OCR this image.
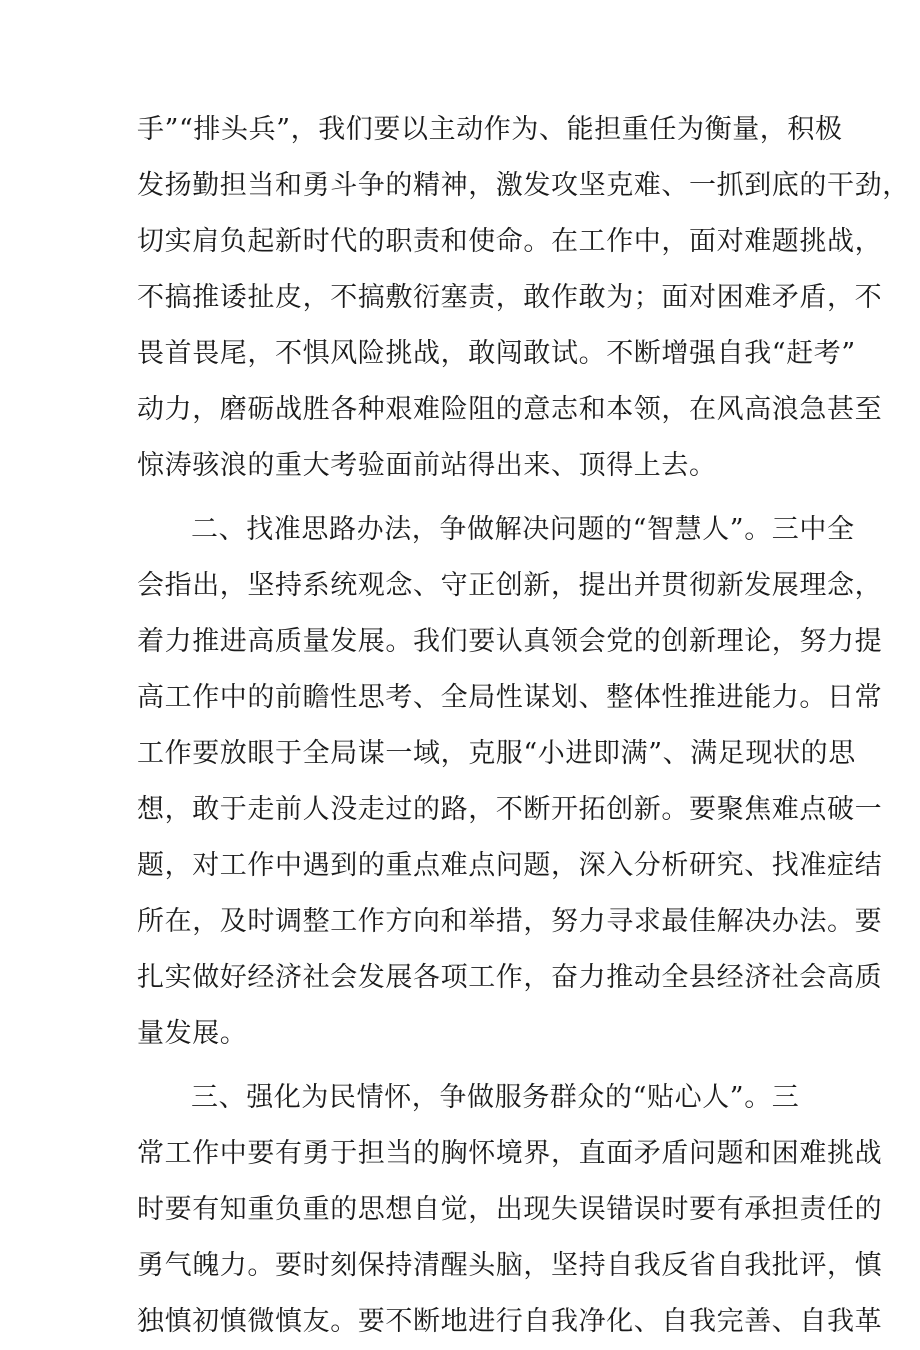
手”“排头兵”，我们要以主动作为、能担重任为衡量，积极
发扬勤担当和勇斗争的精神，激发攻坚克难、一抓到底的干劲，
切实肩负起新时代的职责和使命。在工作中，面对难题挑战，
不搞推诿扯皮，不搞敷衍塞责，敢作敢为；面对困难矛盾，不
畏首畏尾，不惧风险挑战，敢闯敢试。不断增强自我“赶考”
动力，磨砺战胜各种艰难险阻的意志和本领，在风高浪急甚至
惊涛骇浪的重大考验面前站得出来、顶得上去。
二、找准思路办法，争做解决问题的“智慧人”。三中全
会指出，坚持系统观念、守正创新，提出并贯彻新发展理念，
着力推进高质量发展。我们要认真领会党的创新理论，努力提
高工作中的前瞻性思考、全局性谋划、整体性推进能力。日常
工作要放眼于全局谋一域，克服“小进即满”、满足现状的思
想，敢于走前人没走过的路，不断开拓创新。要聚焦难点破一
题，对工作中遇到的重点难点问题，深入分析研究、找准症结
所在，及时调整工作方向和举措，努力寻求最佳解决办法。要
扎实做好经济社会发展各项工作，奋力推动全县经济社会高质
量发展。
三、强化为民情怀，争做服务群众的“贴心人”。三
常工作中要有勇于担当的胸怀境界，直面矛盾问题和困难挑战
时要有知重负重的思想自觉，出现失误错误时要有承担责任的
勇气魄力。要时刻保持清醒头脑，坚持自我反省自我批评，慎
独慎初慎微慎友。要不断地进行自我净化、自我完善、自我革
